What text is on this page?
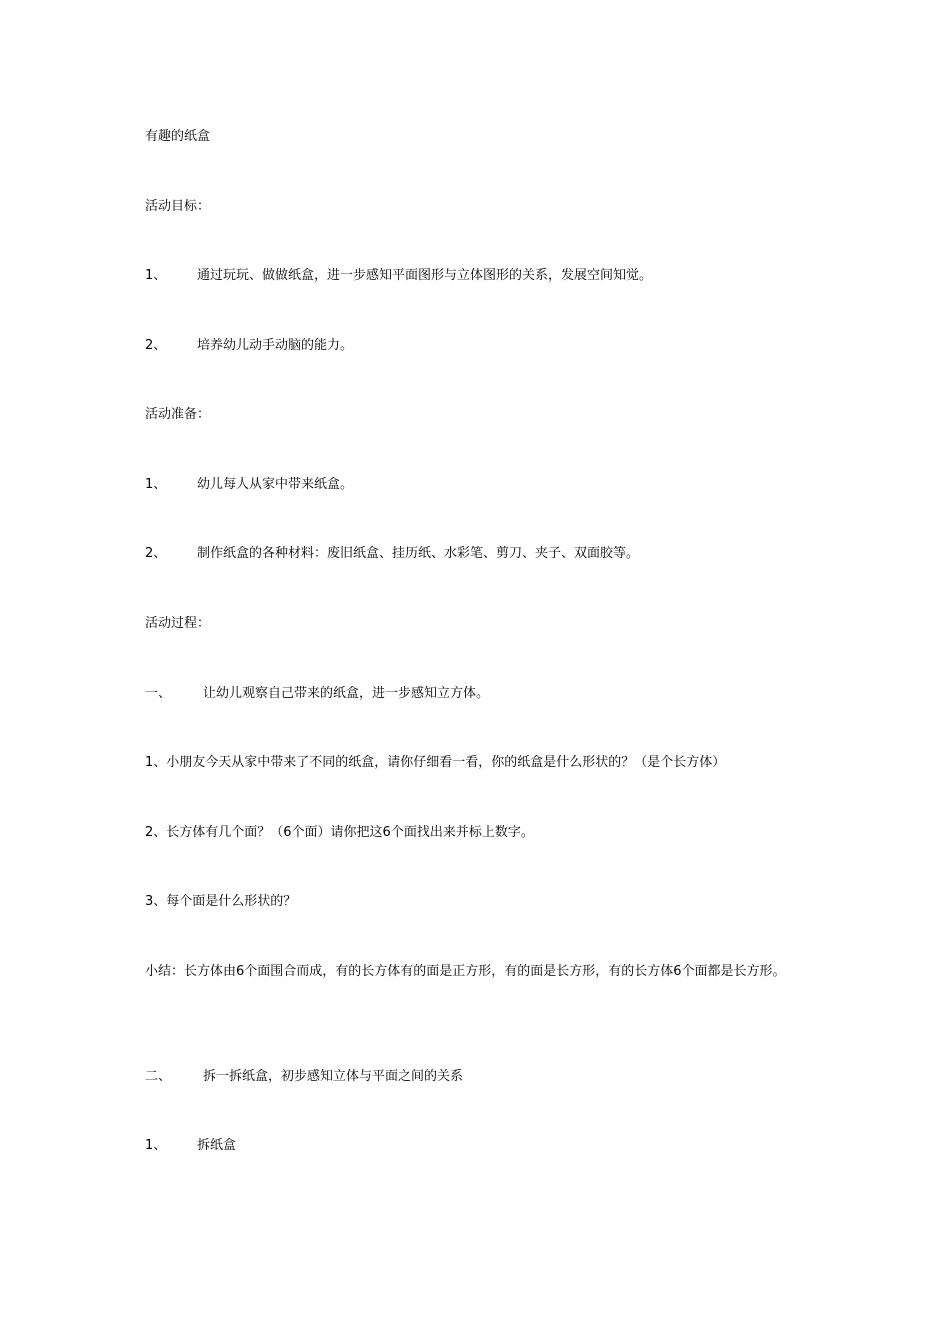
有趣的纸盒
活动目标：
1、 通过玩玩、做做纸盒，进一步感知平面图形与立体图形的关系，发展空间知觉。
2、 培养幼儿动手动脑的能力。
活动准备：
1、 幼儿每人从家中带来纸盒。
2、 制作纸盒的各种材料：废旧纸盒、挂历纸、水彩笔、剪刀、夹子、双面胶等。
活动过程：
一、 让幼儿观察自己带来的纸盒，进一步感知立方体。
1、小朋友今天从家中带来了不同的纸盒，请你仔细看一看，你的纸盒是什么形状的？（是个长方体）
2、长方体有几个面？（6个面）请你把这6个面找出来并标上数字。
3、每个面是什么形状的？
小结：长方体由6个面围合而成，有的长方体有的面是正方形，有的面是长方形，有的长方体6个面都是长方形。
二、 拆一拆纸盒，初步感知立体与平面之间的关系
1、 拆纸盒
